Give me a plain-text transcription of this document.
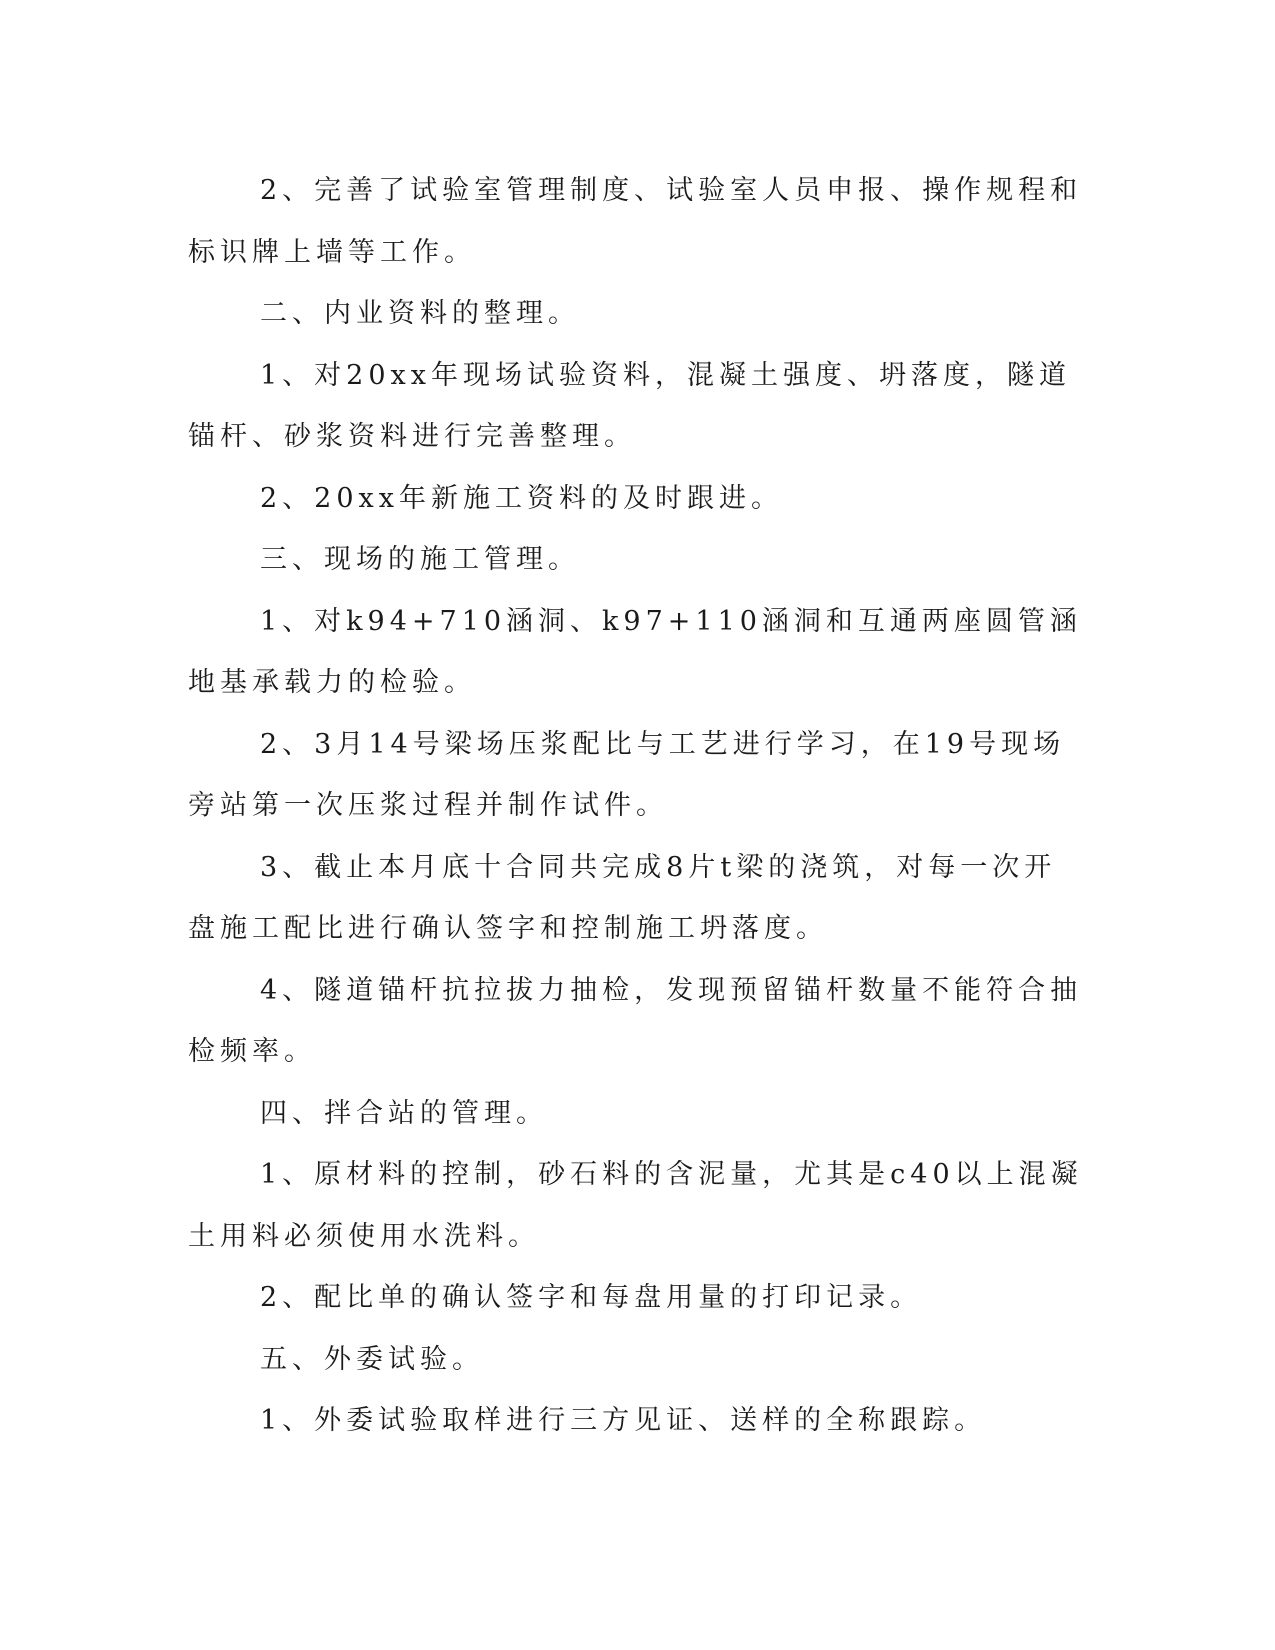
2、完善了试验室管理制度、试验室人员申报、操作规程和标识牌上墙等工作。

二、内业资料的整理。

1、对20xx年现场试验资料，混凝土强度、坍落度，隧道锚杆、砂浆资料进行完善整理。

2、20xx年新施工资料的及时跟进。

三、现场的施工管理。

1、对k94+710涵洞、k97+110涵洞和互通两座圆管涵地基承载力的检验。

2、3月14号梁场压浆配比与工艺进行学习，在19号现场旁站第一次压浆过程并制作试件。

3、截止本月底十合同共完成8片t梁的浇筑，对每一次开盘施工配比进行确认签字和控制施工坍落度。

4、隧道锚杆抗拉拔力抽检，发现预留锚杆数量不能符合抽检频率。

四、拌合站的管理。

1、原材料的控制，砂石料的含泥量，尤其是c40以上混凝土用料必须使用水洗料。

2、配比单的确认签字和每盘用量的打印记录。

五、外委试验。

1、外委试验取样进行三方见证、送样的全称跟踪。
